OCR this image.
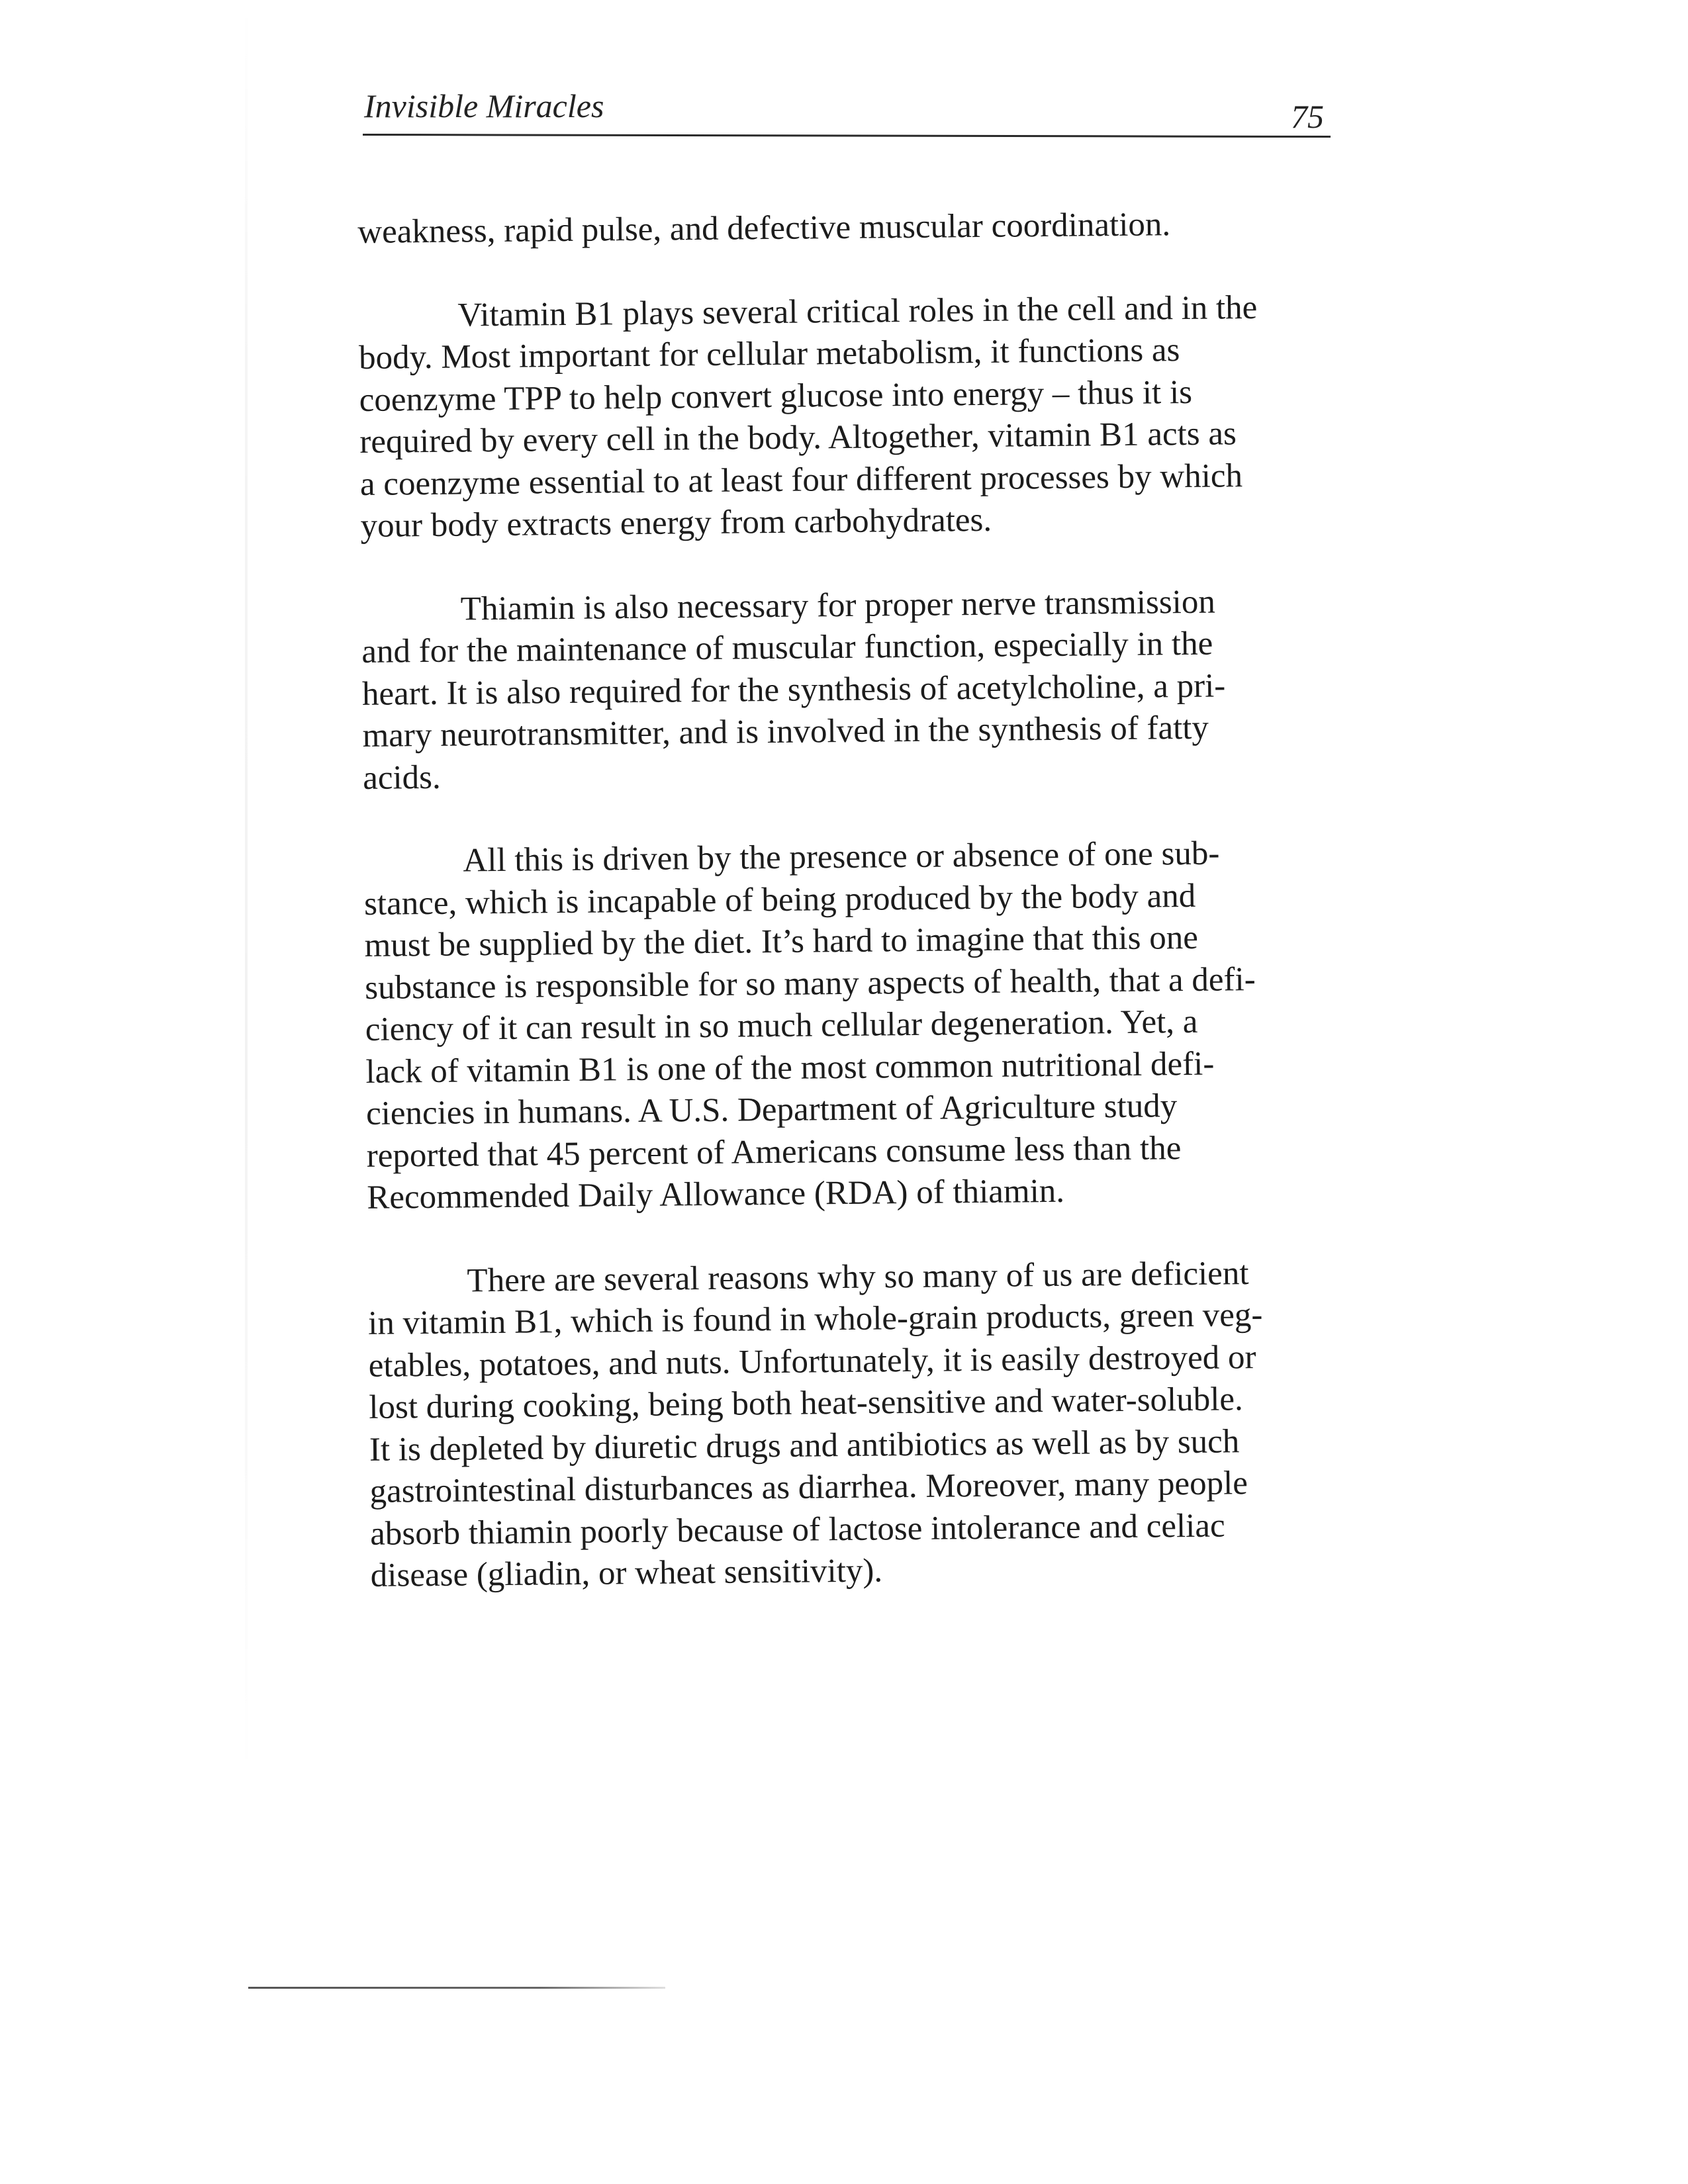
Invisible Miracles	75

weakness, rapid pulse, and defective muscular coordination.

Vitamin B1 plays several critical roles in the cell and in the
body. Most important for cellular metabolism, it functions as
coenzyme TPP to help convert glucose into energy – thus it is
required by every cell in the body. Altogether, vitamin B1 acts as
a coenzyme essential to at least four different processes by which
your body extracts energy from carbohydrates.

Thiamin is also necessary for proper nerve transmission
and for the maintenance of muscular function, especially in the
heart. It is also required for the synthesis of acetylcholine, a pri-
mary neurotransmitter, and is involved in the synthesis of fatty
acids.

All this is driven by the presence or absence of one sub-
stance, which is incapable of being produced by the body and
must be supplied by the diet. It’s hard to imagine that this one
substance is responsible for so many aspects of health, that a defi-
ciency of it can result in so much cellular degeneration. Yet, a
lack of vitamin B1 is one of the most common nutritional defi-
ciencies in humans. A U.S. Department of Agriculture study
reported that 45 percent of Americans consume less than the
Recommended Daily Allowance (RDA) of thiamin.

There are several reasons why so many of us are deficient
in vitamin B1, which is found in whole-grain products, green veg-
etables, potatoes, and nuts. Unfortunately, it is easily destroyed or
lost during cooking, being both heat-sensitive and water-soluble.
It is depleted by diuretic drugs and antibiotics as well as by such
gastrointestinal disturbances as diarrhea. Moreover, many people
absorb thiamin poorly because of lactose intolerance and celiac
disease (gliadin, or wheat sensitivity).
